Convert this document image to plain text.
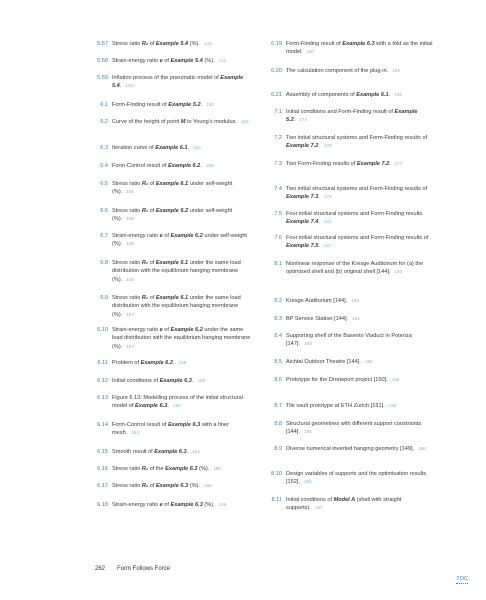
5.57 Stress ratio R₂ of Example 5.4 (%). 143
5.58 Strain-energy ratio e of Example 5.4 (%). 144
5.59 Inflation process of the pneumatic model of Example 5.4. 146
6.1 Form-Finding result of Example 5.2. 150
6.2 Curve of the height of point M to Young’s modulus. 153
6.3 Iteration curve of Example 6.1. 154
6.4 Form-Control result of Example 6.2. 155
6.5 Stress ratio R₂ of Example 6.1 under self-weight (%). 155
6.6 Stress ratio R₂ of Example 6.2 under self-weight (%). 155
6.7 Strain-energy ratio e of Example 6.2 under self-weight (%). 156
6.8 Stress ratio R₂ of Example 6.1 under the same load distribution with the equilibrium hanging membrane (%). 156
6.9 Stress ratio R₂ of Example 6.1 under the same load distribution with the equilibrium hanging membrane (%). 157
6.10 Strain-energy ratio e of Example 6.2 under the same load distribution with the equilibrium hanging membrane (%). 157
6.11 Problem of Example 6.2. 158
6.12 Initial conditions of Example 6.3. 160
6.13 Figure 6.13: Modelling process of the initial structural model of Example 6.3. 160
6.14 Form-Control result of Example 6.3 with a finer mesh. 163
6.15 Smooth result of Example 6.3. 164
6.16 Stress ratio R₂ of the Example 6.3 (%). 165
6.17 Stress ratio R₂ of Example 6.3 (%). 165
6.18 Strain-energy ratio e of Example 6.3 (%). 166
6.19 Form-Finding result of Example 6.3 with a fold as the initial model. 167
6.20 The calculation component of the plug-in. 169
6.21 Assembly of components of Example 6.1. 169
7.1 Initial conditions and Form-Finding result of Example 5.2. 174
7.2 Two initial structural systems and Form-Finding results of Example 7.2. 176
7.3 Two Form-Finding results of Example 7.2. 177
7.4 Two initial structural systems and Form-Finding results of Example 7.3. 179
7.5 Four initial structural systems and Form-Finding results Example 7.4. 181
7.6 Four initial structural systems and Form-Finding results of Example 7.5. 187
8.1 Nonlinear response of the Kresge Auditorium for (a) the optimised shell and (b) original shell [144]. 192
8.2 Kresge Auditorium [144]. 192
8.3 BP Service Station [144]. 192
8.4 Supporting shell of the Basento Viaduct in Potenza [147]. 193
8.5 Aichtal Outdoor Theatre [144]. 194
8.6 Prototype for the Droneport project [150]. 195
8.7 Tile vault prototype at ETH Zurich [151]. 196
8.8 Structural geometries with different support constraints [144]. 198
8.9 Diverse numerical inverted hanging geometry [149]. 198
8.10 Design variables of supports and the optimisation results [152]. 199
8.11 Initial conditions of Model A (shell with straight supports). 197
262 Form Follows Force
TOC
